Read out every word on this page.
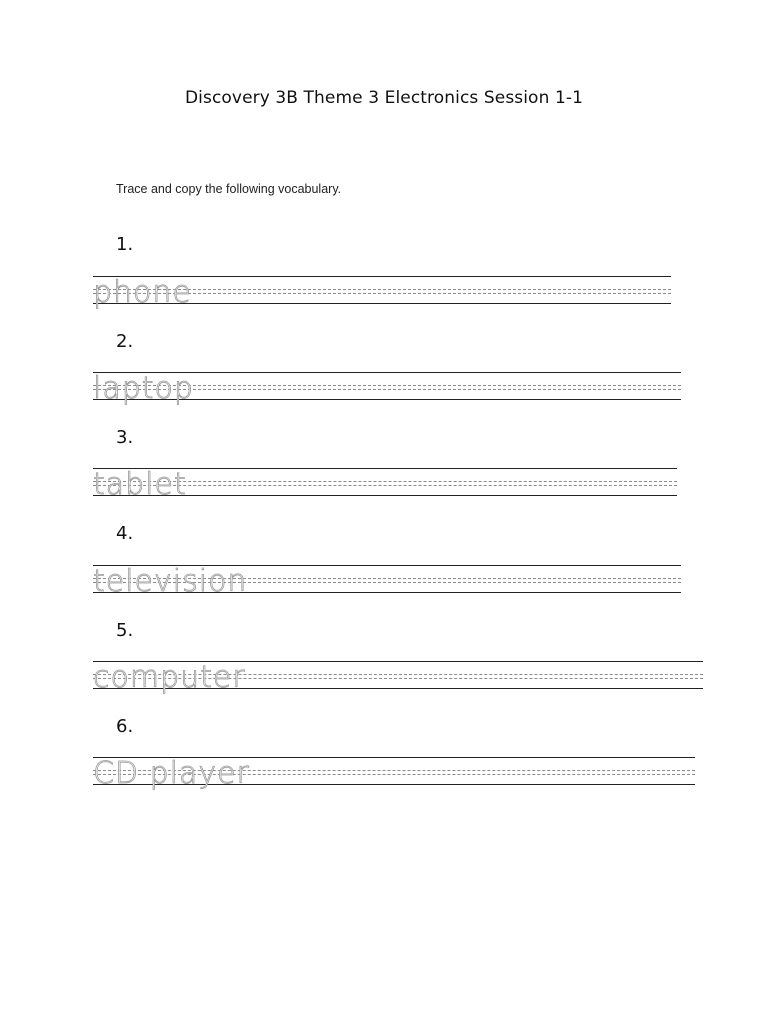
Discovery 3B Theme 3 Electronics Session 1-1
Trace and copy the following vocabulary.
1.
phone
2.
laptop
3.
tablet
4.
television
5.
computer
6.
CD player
